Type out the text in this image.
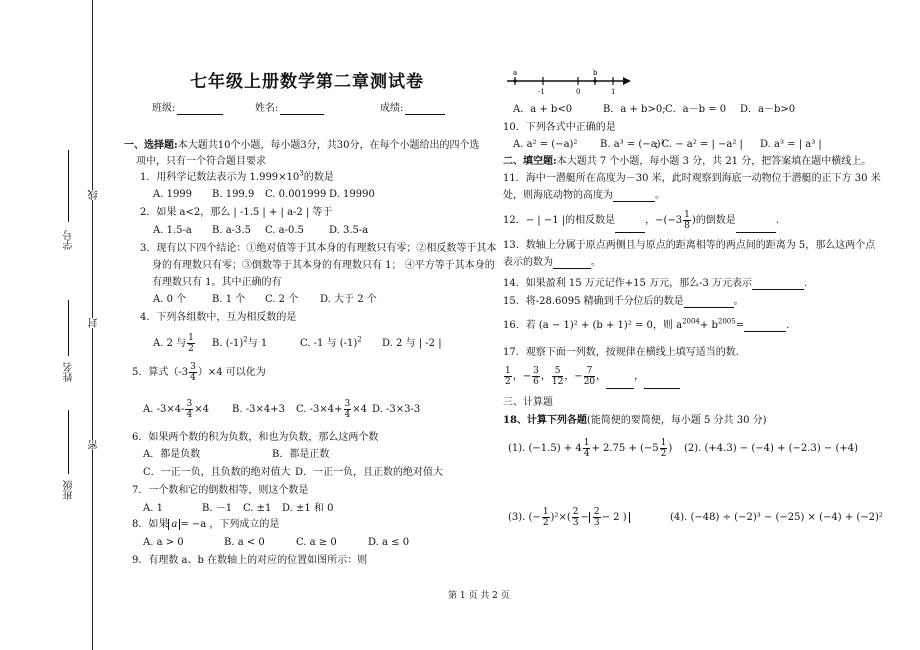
学号
姓名
班级
线
封
密
七年级上册数学第二章测试卷
班级:	姓名:	成绩:
一、选择题:本大题共10个小题，每小题3分，共30分，在每个小题给出的四个选
项中，只有一个符合题目要求
1．用科学记数法表示为 $1.999\times 10^3$的数是
A. 1999 B. 199.9 C. 0.001999 D. 19990
2．如果 a<2，那么 | -1.5 | + | a-2 | 等于
A. 1.5-a B. a-3.5 C. a-0.5	D. 3.5-a
3．现有以下四个结论：①绝对值等于其本身的有理数只有零；②相反数等于其本
身的有理数只有零；③倒数等于其本身的有理数只有 1； ④平方等于其本身的
有理数只有 1。其中正确的有
A. 0 个	B. 1 个 C. 2 个 D. 大于 2 个
4．下列各组数中，互为相反数的是
A. 2 与 $\frac{1}{2} B$. $(-1)^2$与 1	C. -1 与 $(-1)^2$ D. 2 与 | -2 |
5．算式$(-3 \frac{3}{4} )\times 4$ 可以化为
A. $-3\times 4- \frac{3}{4} \times 4$ B. -3×4+3 C. $-3\times 4+ \frac{3}{4} \times 4$ D. -3×3-3
6．如果两个数的积为负数，和也为负数，那么这两个数
A．都是负数	B．都是正数
C．一正一负，且负数的绝对值大 D．一正一负，且正数的绝对值大
7．一个数和它的倒数相等，则这个数是
A. 1	B. －1 C. ±1 D. ±1 和 0
8．如果 a = −a ，下列成立的是
A. a > 0	B. a < 0	C. a ≥ 0	D. a ≤ 0
9．有理数 a、b 在数轴上的对应的位置如图所示：则
a
-1	0
b
1
A．a + b<0	B．a + b>0; C．a－b = 0 D．a－b>0
10．下列各式中正确的是
A. a² = (−a)² B. a³ = (−a)³
; C. − a² = | −a² | D. a³ = | a³ |
二、填空题:本大题共 7 个小题，每小题 3 分，共 21 分，把答案填在题中横线上。
11．海中一潜艇所在高度为－30 米，此时观察到海底一动物位于潜艇的正下方 30 米
处，则海底动物的高度为	。
12．− | −1 |的相反数是	，$-(-3 \frac{1}{8}$ )的倒数是	.
13．数轴上分属于原点两侧且与原点的距离相等的两点间的距离为 5，那么这两个点
表示的数为	。
14．如果盈利 15 万元记作+15 万元，那么-3 万元表示	.
15．将-28.6095 精确到千分位后的数是	。
16．若 (a − 1)² + (b + 1)² = 0，则 $a^{2004}+ b^{2005}=$	.
17．观察下面一列数，按规律在横线上填写适当的数.
$\frac{1}{2}$ ，− $\frac{3}{6}$ ， $\frac{5}{12}$ ，− $\frac{7}{20}$ ，	，
三、计算题
18、计算下列各题(能简便的要简便，每小题 5 分共 30 分)
(1). $(-1.5) + 4 \frac{1}{4} + 2.75 + (-5 \frac{1}{2}$ ) (2). (+4.3) − (−4) + (−2.3) − (+4)
(3). (− $\frac{1}{2} )^2\times( \frac{2}{3} - \frac{2}{3} - 2$ )	(4). (−48) ÷ (−2)³ − (−25) × (−4) + (−2)²
第 1 页 共 2 页
